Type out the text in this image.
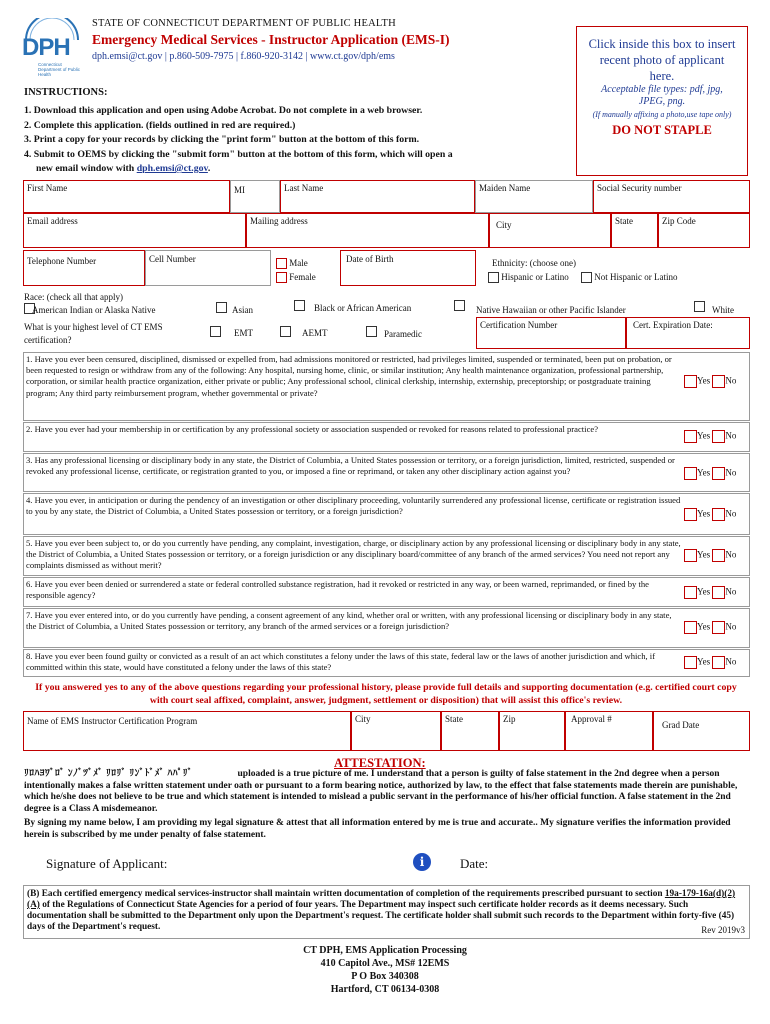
DPH
Connecticut Department of Public Health
STATE OF CONNECTICUT DEPARTMENT OF PUBLIC HEALTH
Emergency Medical Services - Instructor Application (EMS-I)
dph.emsi@ct.gov | p.860-509-7975 | f.860-920-3142 | www.ct.gov/dph/ems
Click inside this box to insert recent photo of applicant here.
Acceptable file types: pdf, jpg, JPEG, png.
(If manually affixing a photo,use tape only)
DO NOT STAPLE
INSTRUCTIONS:
1. Download this application and open using Adobe Acrobat. Do not complete in a web browser.
2. Complete this application. (fields outlined in red are required.)
3. Print a copy for your records by clicking the "print form" button at the bottom of this form.
4. Submit to OEMS by clicking the "submit form" button at the bottom of this form, which will open a
new email window with dph.emsi@ct.gov.
First Name	MI	Last Name	Maiden Name	Social Security number
Email address	Mailing address	City	State	Zip Code
Telephone Number	Cell Number	Male
Female
Date of Birth	Ethnicity: (choose one)
Hispanic or Latino	Not Hispanic or Latino
Race: (check all that apply)
American Indian or Alaska Native	Asian	Black or African American	Native Hawaiian or other Pacific Islander	White
What is your highest level of CT EMS certification?
EMT	AEMT	Paramedic
Certification Number	Cert. Expiration Date:
1. Have you ever been censured, disciplined, dismissed or expelled from, had admissions monitored or restricted, had privileges limited, suspended or terminated, been put on probation, or been requested to resign or withdraw from any of the following: Any hospital, nursing home, clinic, or similar institution; Any health maintenance organization, professional partnership, corporation, or similar health practice organization, either private or public; Any professional school, clinical clerkship, internship, externship, preceptorship; or postgraduate training program; Any third party reimbursement program, whether governmental or private?
Yes No
2. Have you ever had your membership in or certification by any professional society or association suspended or revoked for reasons related to professional practice?
Yes No
3. Has any professional licensing or disciplinary body in any state, the District of Columbia, a United States possession or territory, or a foreign jurisdiction, limited, restricted, suspended or revoked any professional license, certificate, or registration granted to you, or imposed a fine or reprimand, or taken any other disciplinary action against you?	Yes No
4. Have you ever, in anticipation or during the pendency of an investigation or other disciplinary proceeding, voluntarily surrendered any professional license, certificate or registration issued to you by any state, the District of Columbia, a United States possession or territory, or a foreign jurisdiction?	Yes No
5. Have you ever been subject to, or do you currently have pending, any complaint, investigation, charge, or disciplinary action by any professional licensing or disciplinary body in any state, the District of Columbia, a United States possession or territory, or a foreign jurisdiction or any disciplinary board/committee of any branch of the armed services? You need not report any complaints dismissed as without merit?
Yes No
6. Have you ever been denied or surrendered a state or federal controlled substance registration, had it revoked or restricted in any way, or been warned, reprimanded, or fined by the responsible agency?	Yes No
7. Have you ever entered into, or do you currently have pending, a consent agreement of any kind, whether oral or written, with any professional licensing or disciplinary body in any state, the District of Columbia, a United States possession or territory, any branch of the armed services or a foreign jurisdiction?	Yes No
8. Have you ever been found guilty or convicted as a result of an act which constitutes a felony under the laws of this state, federal law or the laws of another jurisdiction and which, if committed within this state, would have constituted a felony under the laws of this state?
Yes No
If you answered yes to any of the above questions regarding your professional history, please provide full details and supporting documentation (e.g. certified court copy with court seal affixed, complaint, answer, judgment, settlement or disposition) that will assist this office's review.
Name of EMS Instructor Certification Program	City	State	Zip	Approval #
Grad Date
ATTESTATION:
ﾘﾛﾊﾖﾜﾞﾛﾞ ﾝﾉﾞﾂﾞﾒﾞ ﾘﾛﾘﾞ ﾘﾝﾞﾄﾞﾒﾞ ﾊﾊﾟﾘﾞ	uploaded is a true picture of me. I understand that a person is guilty of false statement in the 2nd degree when a person intentionally makes a false written statement under oath or pursuant to a form bearing notice, authorized by law, to the effect that false statements made therein are punishable, which he/she does not believe to be true and which statement is intended to mislead a public servant in the performance of his/her official function. A false statement in the 2nd degree is a Class A misdemeanor.
By signing my name below, I am providing my legal signature & attest that all information entered by me is true and accurate.. My signature verifies the information provided herein is subscribed by me under penalty of false statement.
Signature of Applicant:	i	Date:
(B) Each certified emergency medical services-instructor shall maintain written documentation of completion of the requirements prescribed pursuant to section 19a-179-16a(d)(2)(A) of the Regulations of Connecticut State Agencies for a period of four years. The Department may inspect such certificate holder records as it deems necessary. Such documentation shall be submitted to the Department only upon the Department's request. The certificate holder shall submit such records to the Department within forty-five (45) days of the Department's request.	Rev 2019v3
CT DPH, EMS Application Processing
410 Capitol Ave., MS# 12EMS
P O Box 340308
Hartford, CT 06134-0308
